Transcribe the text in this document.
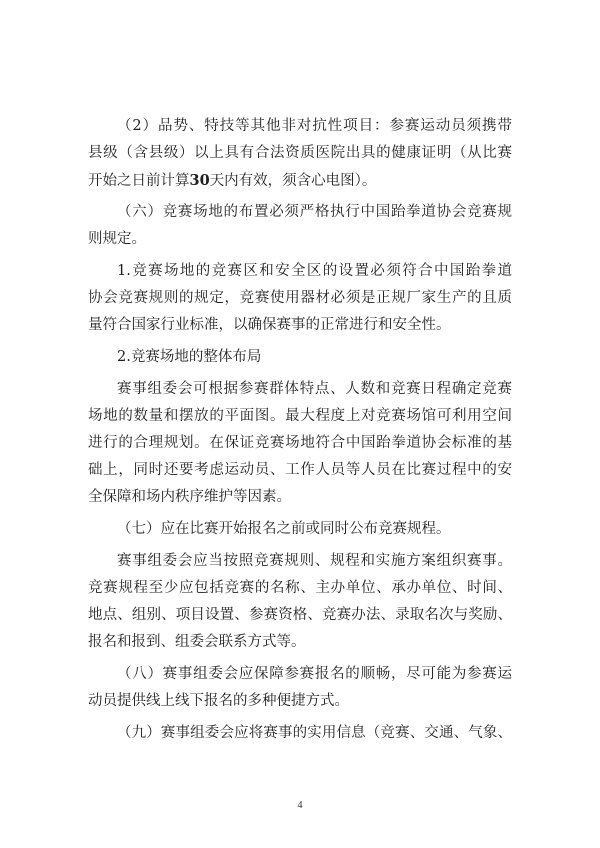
（2）品势、特技等其他非对抗性项目：参赛运动员须携带
县级（含县级）以上具有合法资质医院出具的健康证明（从比赛
开始之日前计算30天内有效，须含心电图）。
（六）竞赛场地的布置必须严格执行中国跆拳道协会竞赛规
则规定。
1.竞赛场地的竞赛区和安全区的设置必须符合中国跆拳道
协会竞赛规则的规定，竞赛使用器材必须是正规厂家生产的且质
量符合国家行业标准，以确保赛事的正常进行和安全性。
2.竞赛场地的整体布局
赛事组委会可根据参赛群体特点、人数和竞赛日程确定竞赛
场地的数量和摆放的平面图。最大程度上对竞赛场馆可利用空间
进行的合理规划。在保证竞赛场地符合中国跆拳道协会标准的基
础上，同时还要考虑运动员、工作人员等人员在比赛过程中的安
全保障和场内秩序维护等因素。
（七）应在比赛开始报名之前或同时公布竞赛规程。
赛事组委会应当按照竞赛规则、规程和实施方案组织赛事。
竞赛规程至少应包括竞赛的名称、主办单位、承办单位、时间、
地点、组别、项目设置、参赛资格、竞赛办法、录取名次与奖励、
报名和报到、组委会联系方式等。
（八）赛事组委会应保障参赛报名的顺畅，尽可能为参赛运
动员提供线上线下报名的多种便捷方式。
（九）赛事组委会应将赛事的实用信息（竞赛、交通、气象、
4
